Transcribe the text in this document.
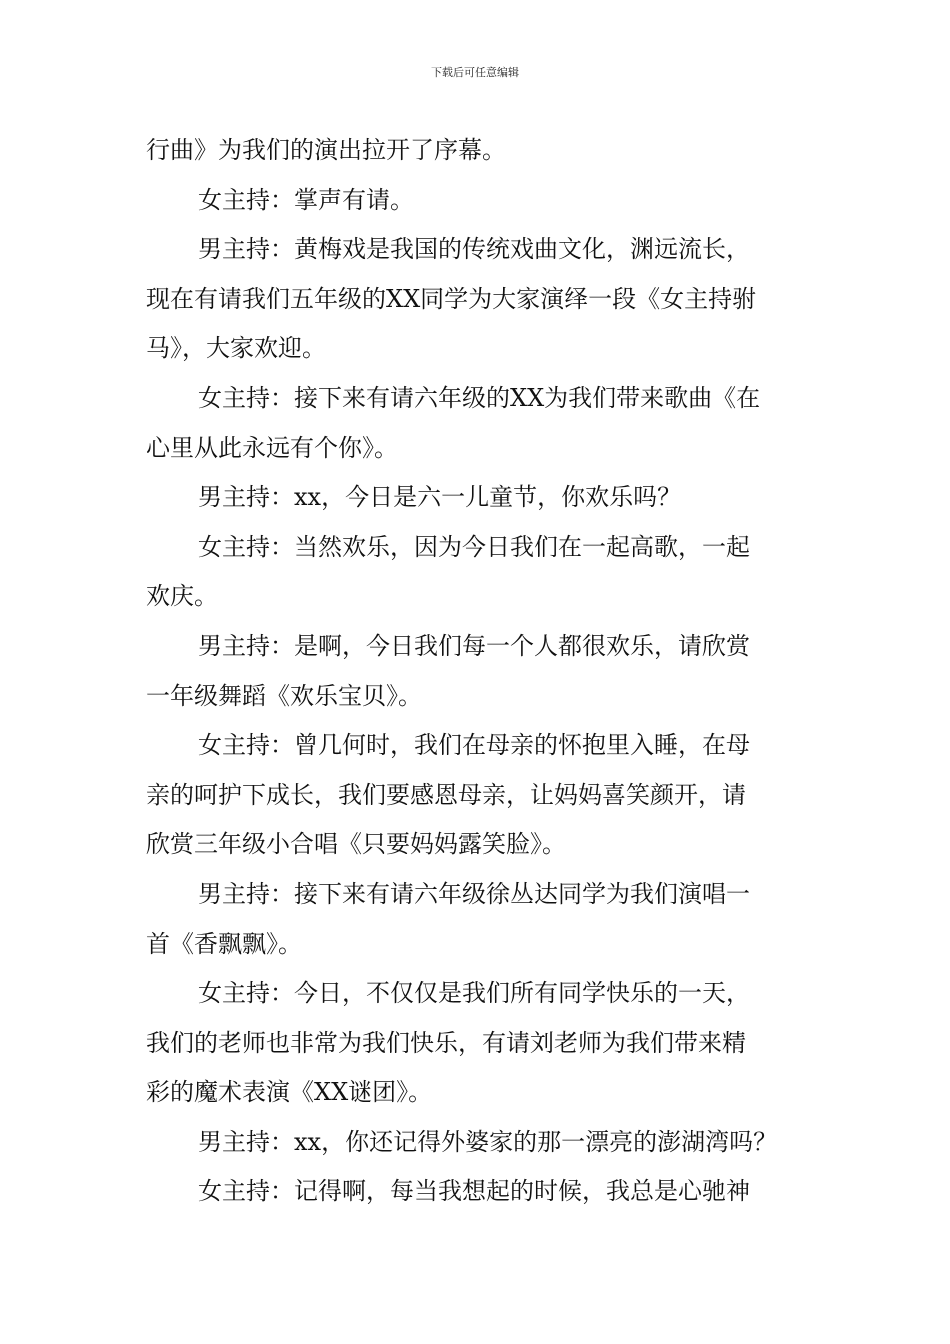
下载后可任意编辑
行曲》为我们的演出拉开了序幕。
女主持：掌声有请。
男主持：黄梅戏是我国的传统戏曲文化，渊远流长，
现在有请我们五年级的XX同学为大家演绎一段《女主持驸
马》，大家欢迎。
女主持：接下来有请六年级的XX为我们带来歌曲《在
心里从此永远有个你》。
男主持：xx，今日是六一儿童节，你欢乐吗？
女主持：当然欢乐，因为今日我们在一起高歌，一起
欢庆。
男主持：是啊，今日我们每一个人都很欢乐，请欣赏
一年级舞蹈《欢乐宝贝》。
女主持：曾几何时，我们在母亲的怀抱里入睡，在母
亲的呵护下成长，我们要感恩母亲，让妈妈喜笑颜开，请
欣赏三年级小合唱《只要妈妈露笑脸》。
男主持：接下来有请六年级徐丛达同学为我们演唱一
首《香飘飘》。
女主持：今日，不仅仅是我们所有同学快乐的一天，
我们的老师也非常为我们快乐，有请刘老师为我们带来精
彩的魔术表演《XX谜团》。
男主持：xx，你还记得外婆家的那一漂亮的澎湖湾吗？
女主持：记得啊，每当我想起的时候，我总是心驰神
